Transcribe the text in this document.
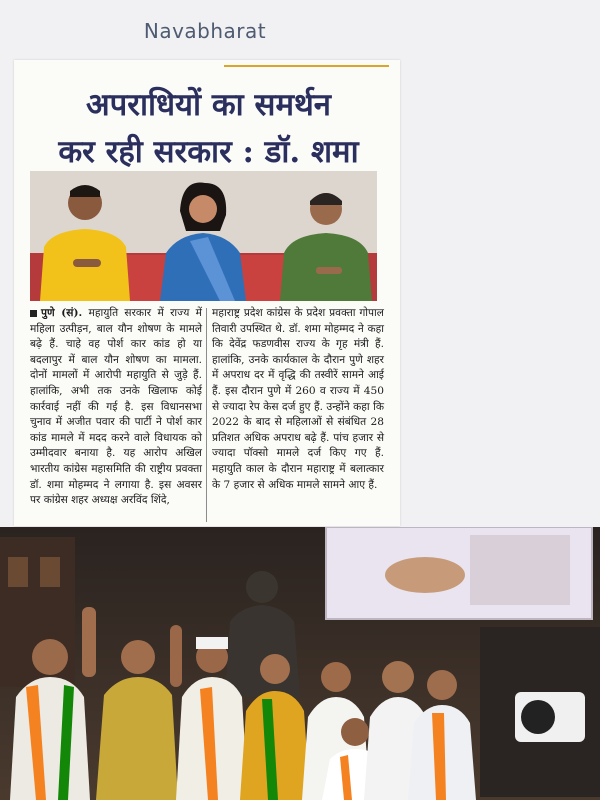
Navabharat
अपराधियों का समर्थन
कर रही सरकार : डॉ. शमा
पुणे (सं). महायुति सरकार में राज्य में महिला उत्पीड़न, बाल यौन शोषण के मामले बढ़े हैं. चाहे वह पोर्श कार कांड हो या बदलापुर में बाल यौन शोषण का मामला. दोनों मामलों में आरोपी महायुति से जुड़े हैं. हालांकि, अभी तक उनके खिलाफ कोई कार्रवाई नहीं की गई है. इस विधानसभा चुनाव में अजीत पवार की पार्टी ने पोर्श कार कांड मामले में मदद करने वाले विधायक को उम्मीदवार बनाया है. यह आरोप अखिल भारतीय कांग्रेस महासमिति की राष्ट्रीय प्रवक्ता डॉ. शमा मोहम्मद ने लगाया है. इस अवसर पर कांग्रेस शहर अध्यक्ष अरविंद शिंदे,
महाराष्ट्र प्रदेश कांग्रेस के प्रदेश प्रवक्ता गोपाल तिवारी उपस्थित थे. डॉ. शमा मोहम्मद ने कहा कि देवेंद्र फडणवीस राज्य के गृह मंत्री हैं. हालांकि, उनके कार्यकाल के दौरान पुणे शहर में अपराध दर में वृद्धि की तस्वीरें सामने आई हैं. इस दौरान पुणे में 260 व राज्य में 450 से ज्यादा रेप केस दर्ज हुए हैं. उन्होंने कहा कि 2022 के बाद से महिलाओं से संबंधित 28 प्रतिशत अधिक अपराध बढ़े हैं. पांच हजार से ज्यादा पॉक्सो मामले दर्ज किए गए हैं. महायुति काल के दौरान महाराष्ट्र में बलात्कार के 7 हजार से अधिक मामले सामने आए हैं.
